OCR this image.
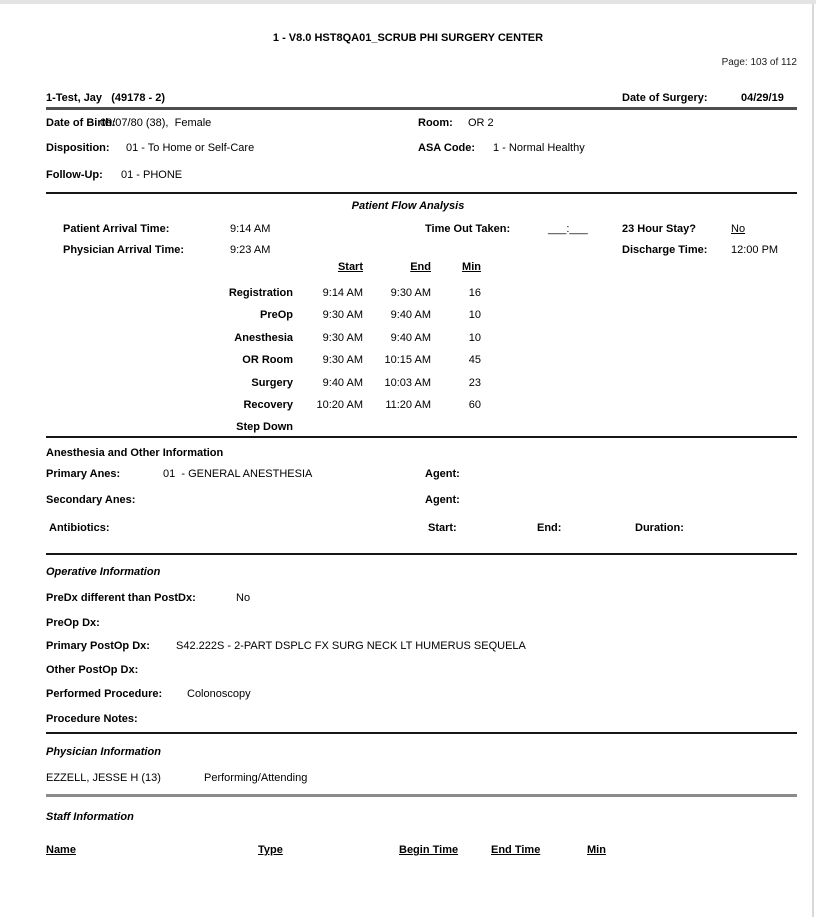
1 - V8.0 HST8QA01_SCRUB PHI SURGERY CENTER
Page: 103 of 112
1-Test, Jay   (49178 - 2)	Date of Surgery:	04/29/19
Date of Birth:
09/07/80 (38),  Female	Room: OR 2
Disposition: 01 - To Home or Self-Care	ASA Code: 1 - Normal Healthy
Follow-Up: 01 - PHONE
Patient Flow Analysis
Patient Arrival Time:	9:14 AM	Time Out Taken:	___:___	23 Hour Stay?	No
Physician Arrival Time:	9:23 AM	Discharge Time: 12:00 PM
Start	End	Min
Registration	9:14 AM	9:30 AM	16
PreOp	9:30 AM	9:40 AM	10
Anesthesia	9:30 AM	9:40 AM	10
OR Room	9:30 AM	10:15 AM	45
Surgery	9:40 AM	10:03 AM	23
Recovery	10:20 AM	11:20 AM	60
Step Down
Anesthesia and Other Information
Primary Anes:	01  - GENERAL ANESTHESIA	Agent:
Secondary Anes:	Agent:
Antibiotics:	Start:	End:	Duration:
Operative Information
PreDx different than PostDx:	No
PreOp Dx:
Primary PostOp Dx: S42.222S - 2-PART DSPLC FX SURG NECK LT HUMERUS SEQUELA
Other PostOp Dx:
Performed Procedure: Colonoscopy
Procedure Notes:
Physician Information
EZZELL, JESSE H (13)	Performing/Attending
Staff Information
Name	Type	Begin Time	End Time	Min
